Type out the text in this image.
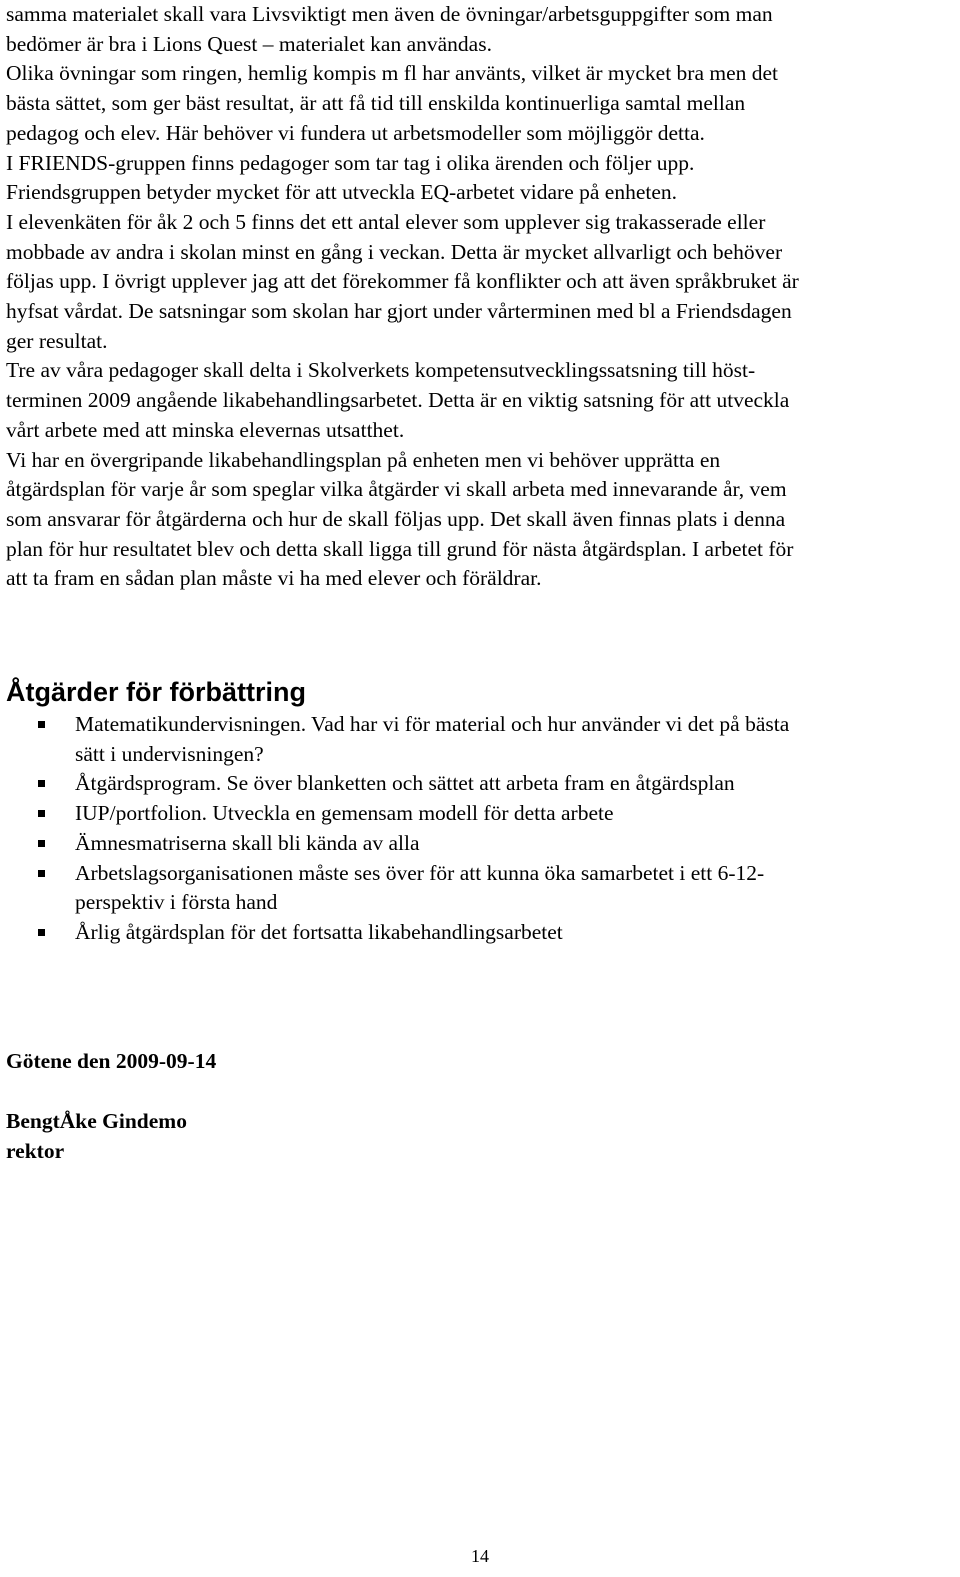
samma materialet skall vara Livsviktigt men även de övningar/arbetsguppgifter som man
bedömer är bra i Lions Quest – materialet kan användas.
Olika övningar som ringen, hemlig kompis m fl har använts, vilket är mycket bra men det
bästa sättet, som ger bäst resultat, är att få tid till enskilda kontinuerliga samtal mellan
pedagog och elev. Här behöver vi fundera ut arbetsmodeller som möjliggör detta.
I FRIENDS-gruppen finns pedagoger som tar tag i olika ärenden och följer upp.
Friendsgruppen betyder mycket för att utveckla EQ-arbetet vidare på enheten.
I elevenkäten för åk 2 och 5 finns det ett antal elever som upplever sig trakasserade eller
mobbade av andra i skolan minst en gång i veckan. Detta är mycket allvarligt och behöver
följas upp. I övrigt upplever jag att det förekommer få konflikter och att även språkbruket är
hyfsat vårdat. De satsningar som skolan har gjort under vårterminen med bl a Friendsdagen
ger resultat.
Tre av våra pedagoger skall delta i Skolverkets kompetensutvecklingssatsning till höst-
terminen 2009 angående likabehandlingsarbetet. Detta är en viktig satsning för att utveckla
vårt arbete med att minska elevernas utsatthet.
Vi har en övergripande likabehandlingsplan på enheten men vi behöver upprätta en
åtgärdsplan för varje år som speglar vilka åtgärder vi skall arbeta med innevarande år, vem
som ansvarar för åtgärderna och hur de skall följas upp. Det skall även finnas plats i denna
plan för hur resultatet blev och detta skall ligga till grund för nästa åtgärdsplan. I arbetet för
att ta fram en sådan plan måste vi ha med elever och föräldrar.

Åtgärder för förbättring
Matematikundervisningen. Vad har vi för material och hur använder vi det på bästa
sätt i undervisningen?
Åtgärdsprogram. Se över blanketten och sättet att arbeta fram en åtgärdsplan
IUP/portfolion. Utveckla en gemensam modell för detta arbete
Ämnesmatriserna skall bli kända av alla
Arbetslagsorganisationen måste ses över för att kunna öka samarbetet i ett 6-12-
perspektiv i första hand
Årlig åtgärdsplan för det fortsatta likabehandlingsarbetet

Götene den 2009-09-14

BengtÅke Gindemo

rektor

14
